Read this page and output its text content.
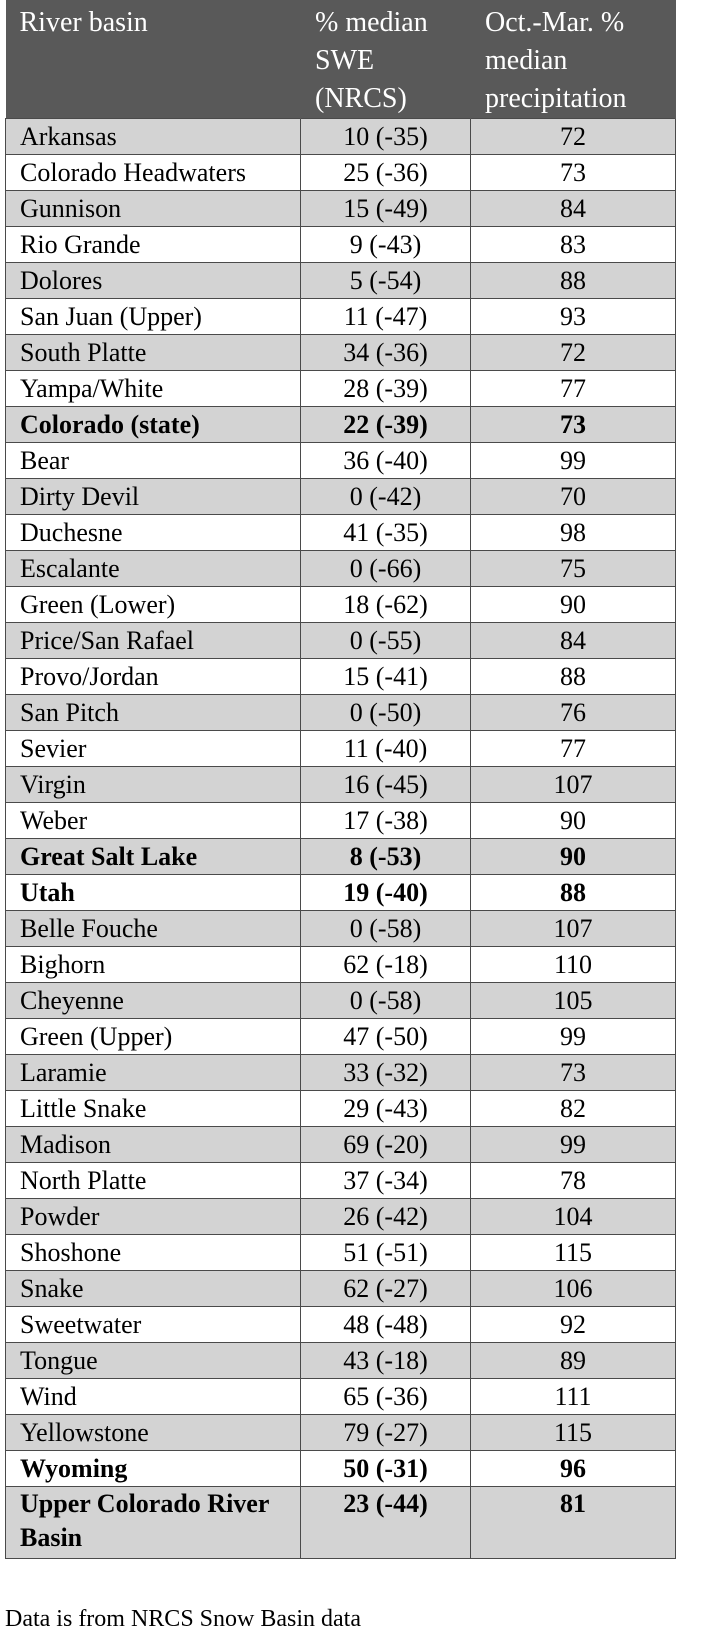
River basin	% median SWE (NRCS)	Oct.-Mar. % median precipitation
Arkansas	10 (-35)	72
Colorado Headwaters	25 (-36)	73
Gunnison	15 (-49)	84
Rio Grande	9 (-43)	83
Dolores	5 (-54)	88
San Juan (Upper)	11 (-47)	93
South Platte	34 (-36)	72
Yampa/White	28 (-39)	77
Colorado (state)	22 (-39)	73
Bear	36 (-40)	99
Dirty Devil	0 (-42)	70
Duchesne	41 (-35)	98
Escalante	0 (-66)	75
Green (Lower)	18 (-62)	90
Price/San Rafael	0 (-55)	84
Provo/Jordan	15 (-41)	88
San Pitch	0 (-50)	76
Sevier	11 (-40)	77
Virgin	16 (-45)	107
Weber	17 (-38)	90
Great Salt Lake	8 (-53)	90
Utah	19 (-40)	88
Belle Fouche	0 (-58)	107
Bighorn	62 (-18)	110
Cheyenne	0 (-58)	105
Green (Upper)	47 (-50)	99
Laramie	33 (-32)	73
Little Snake	29 (-43)	82
Madison	69 (-20)	99
North Platte	37 (-34)	78
Powder	26 (-42)	104
Shoshone	51 (-51)	115
Snake	62 (-27)	106
Sweetwater	48 (-48)	92
Tongue	43 (-18)	89
Wind	65 (-36)	111
Yellowstone	79 (-27)	115
Wyoming	50 (-31)	96
Upper Colorado River Basin	23 (-44)	81
Data is from NRCS Snow Basin data
